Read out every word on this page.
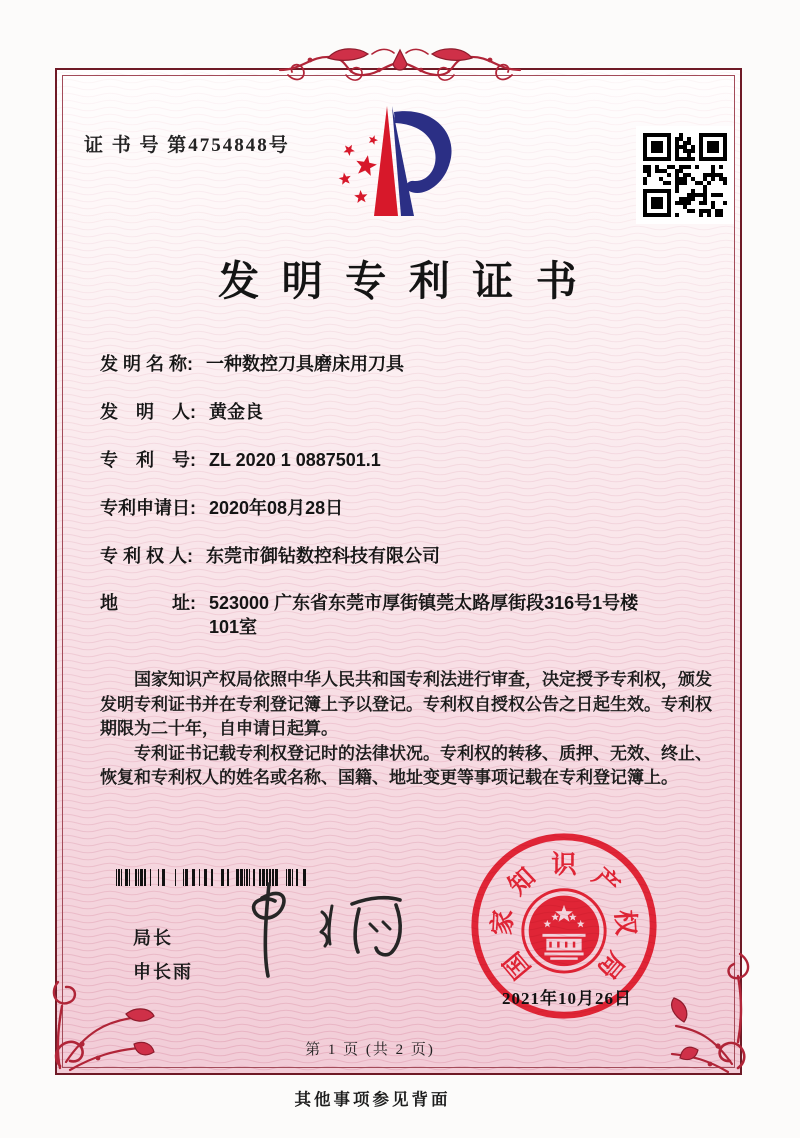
证 书 号 第4754848号
发明专利证书
发 明 名 称: 一种数控刀具磨床用刀具
发　明　人: 黄金良
专　利　号: ZL 2020 1 0887501.1
专利申请日: 2020年08月28日
专 利 权 人: 东莞市御钻数控科技有限公司
地　　　址: 523000 广东省东莞市厚街镇莞太路厚街段316号1号楼101室

国家知识产权局依照中华人民共和国专利法进行审查，决定授予专利权，颁发发明专利证书并在专利登记簿上予以登记。专利权自授权公告之日起生效。专利权期限为二十年，自申请日起算。

专利证书记载专利权登记时的法律状况。专利权的转移、质押、无效、终止、恢复和专利权人的姓名或名称、国籍、地址变更等事项记载在专利登记簿上。

局长
申长雨	国
家
知 识 产
权
局
2021年10月26日
第 1 页 (共 2 页)
其他事项参见背面
